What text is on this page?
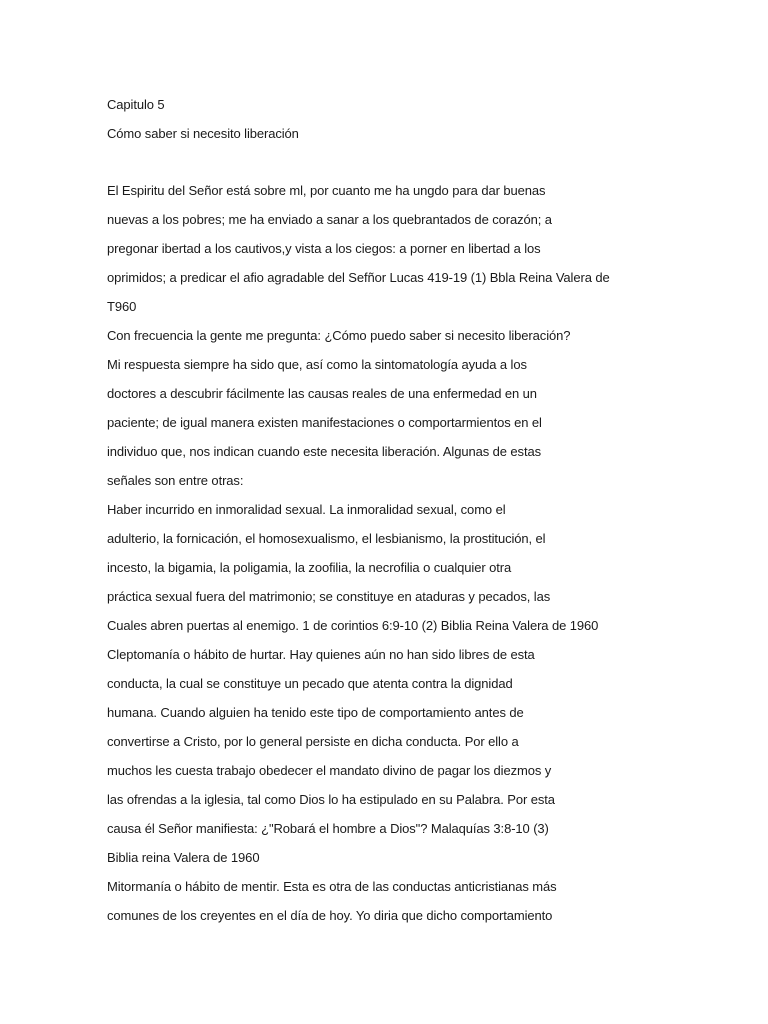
Capitulo 5
Cómo saber si necesito liberación
El Espiritu del Señor está sobre ml, por cuanto me ha ungdo para dar buenas
nuevas a los pobres; me ha enviado a sanar a los quebrantados de corazón; a
pregonar ibertad a los cautivos,y vista a los ciegos: a porner en libertad a los
oprimidos; a predicar el afio agradable del Sefñor Lucas 419-19 (1) Bbla Reina Valera de
T960
Con frecuencia la gente me pregunta: ¿Cómo puedo saber si necesito liberación?
Mi respuesta siempre ha sido que, así como la sintomatología ayuda a los
doctores a descubrir fácilmente las causas reales de una enfermedad en un
paciente; de igual manera existen manifestaciones o comportarmientos en el
individuo que, nos indican cuando este necesita liberación. Algunas de estas
señales son entre otras:
Haber incurrido en inmoralidad sexual. La inmoralidad sexual, como el
adulterio, la fornicación, el homosexualismo, el lesbianismo, la prostitución, el
incesto, la bigamia, la poligamia, la zoofilia, la necrofilia o cualquier otra
práctica sexual fuera del matrimonio; se constituye en ataduras y pecados, las
Cuales abren puertas al enemigo. 1 de corintios 6:9-10 (2) Biblia Reina Valera de 1960
Cleptomanía o hábito de hurtar. Hay quienes aún no han sido libres de esta
conducta, la cual se constituye un pecado que atenta contra la dignidad
humana. Cuando alguien ha tenido este tipo de comportamiento antes de
convertirse a Cristo, por lo general persiste en dicha conducta. Por ello a
muchos les cuesta trabajo obedecer el mandato divino de pagar los diezmos y
las ofrendas a la iglesia, tal como Dios lo ha estipulado en su Palabra. Por esta
causa él Señor manifiesta: ¿"Robará el hombre a Dios"? Malaquías 3:8-10 (3)
Biblia reina Valera de 1960
Mitormanía o hábito de mentir. Esta es otra de las conductas anticristianas más
comunes de los creyentes en el día de hoy. Yo diria que dicho comportamiento
